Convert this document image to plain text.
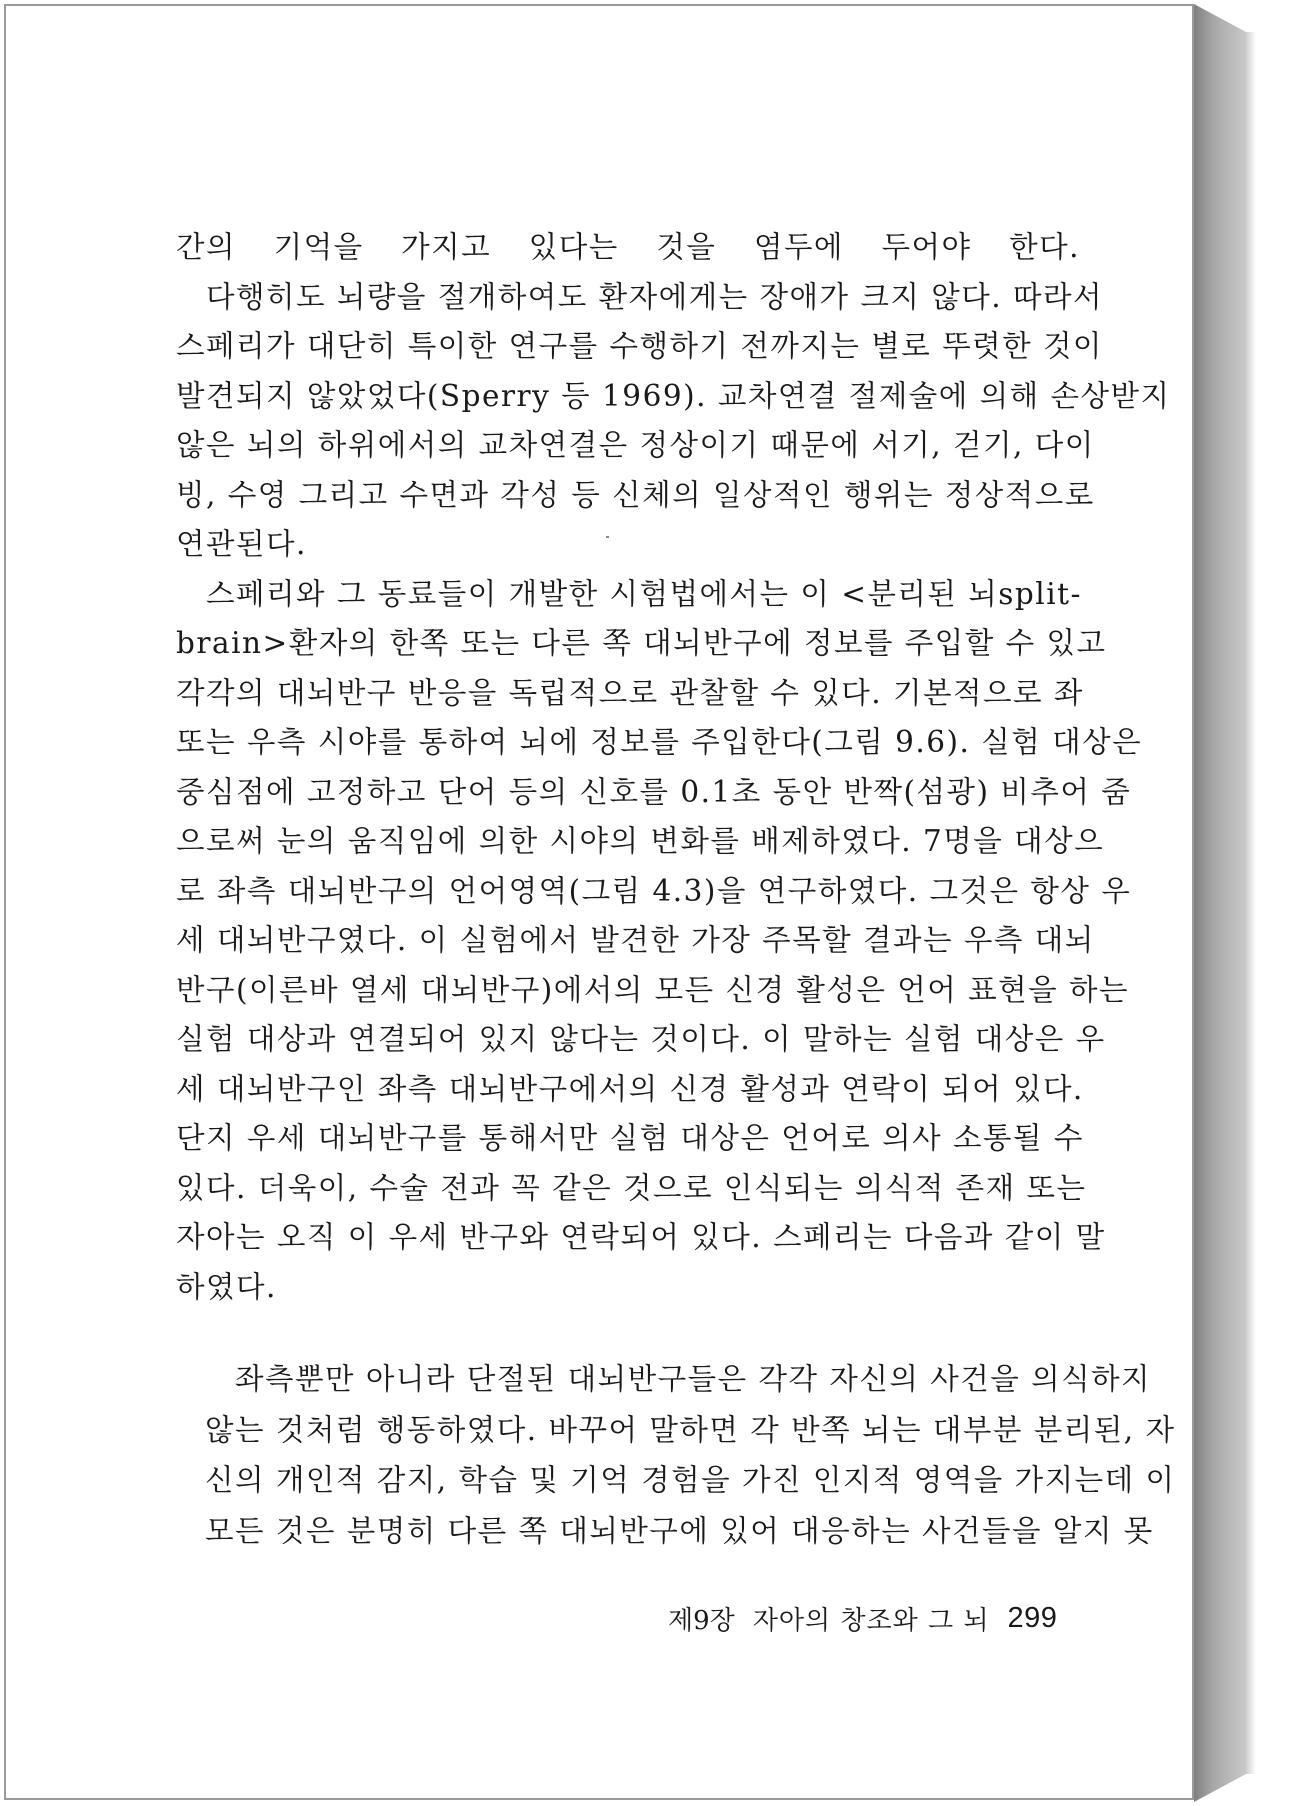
간의 기억을 가지고 있다는 것을 염두에 두어야 한다.
다행히도 뇌량을 절개하여도 환자에게는 장애가 크지 않다. 따라서
스페리가 대단히 특이한 연구를 수행하기 전까지는 별로 뚜렷한 것이
발견되지 않았었다(Sperry 등 1969). 교차연결 절제술에 의해 손상받지
않은 뇌의 하위에서의 교차연결은 정상이기 때문에 서기, 걷기, 다이
빙, 수영 그리고 수면과 각성 등 신체의 일상적인 행위는 정상적으로
연관된다.
스페리와 그 동료들이 개발한 시험법에서는 이 <분리된 뇌split-
brain>환자의 한쪽 또는 다른 쪽 대뇌반구에 정보를 주입할 수 있고
각각의 대뇌반구 반응을 독립적으로 관찰할 수 있다. 기본적으로 좌
또는 우측 시야를 통하여 뇌에 정보를 주입한다(그림 9.6). 실험 대상은
중심점에 고정하고 단어 등의 신호를 0.1초 동안 반짝(섬광) 비추어 줌
으로써 눈의 움직임에 의한 시야의 변화를 배제하였다. 7명을 대상으
로 좌측 대뇌반구의 언어영역(그림 4.3)을 연구하였다. 그것은 항상 우
세 대뇌반구였다. 이 실험에서 발견한 가장 주목할 결과는 우측 대뇌
반구(이른바 열세 대뇌반구)에서의 모든 신경 활성은 언어 표현을 하는
실험 대상과 연결되어 있지 않다는 것이다. 이 말하는 실험 대상은 우
세 대뇌반구인 좌측 대뇌반구에서의 신경 활성과 연락이 되어 있다.
단지 우세 대뇌반구를 통해서만 실험 대상은 언어로 의사 소통될 수
있다. 더욱이, 수술 전과 꼭 같은 것으로 인식되는 의식적 존재 또는
자아는 오직 이 우세 반구와 연락되어 있다. 스페리는 다음과 같이 말
하였다.
좌측뿐만 아니라 단절된 대뇌반구들은 각각 자신의 사건을 의식하지
않는 것처럼 행동하였다. 바꾸어 말하면 각 반쪽 뇌는 대부분 분리된, 자
신의 개인적 감지, 학습 및 기억 경험을 가진 인지적 영역을 가지는데 이
모든 것은 분명히 다른 쪽 대뇌반구에 있어 대응하는 사건들을 알지 못
제9장 자아의 창조와 그 뇌 299
